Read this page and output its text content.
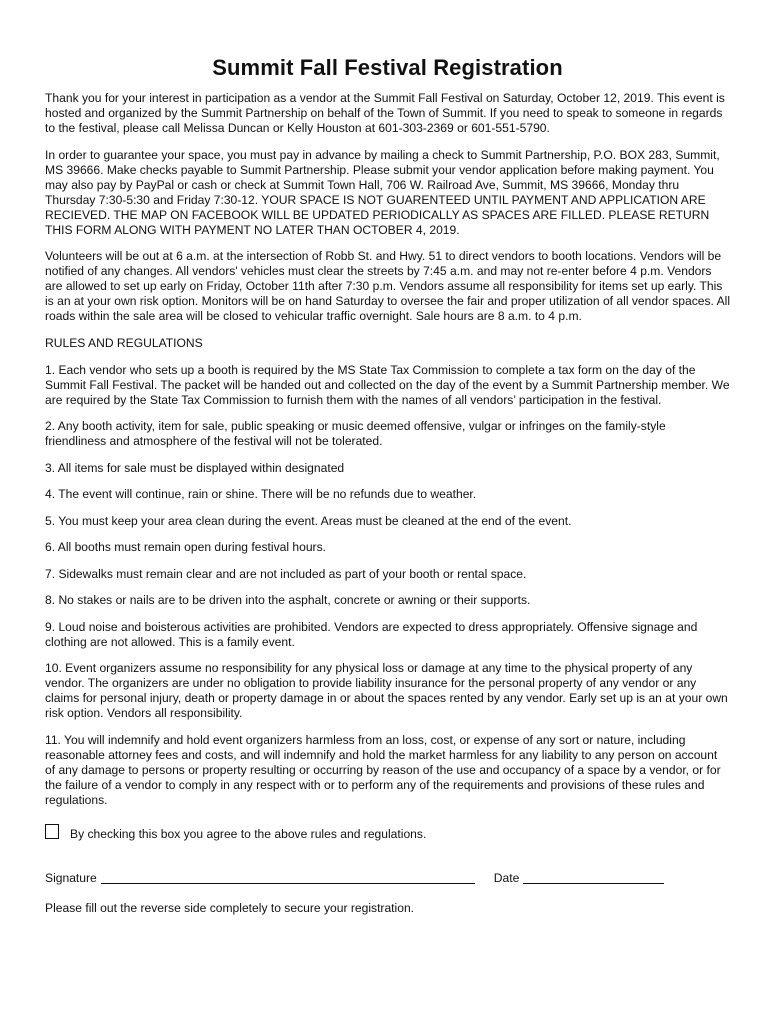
Summit Fall Festival Registration

Thank you for your interest in participation as a vendor at the Summit Fall Festival on Saturday, October 12, 2019. This event is hosted and organized by the Summit Partnership on behalf of the Town of Summit. If you need to speak to someone in regards to the festival, please call Melissa Duncan or Kelly Houston at 601-303-2369 or 601-551-5790.

In order to guarantee your space, you must pay in advance by mailing a check to Summit Partnership, P.O. BOX 283, Summit, MS 39666. Make checks payable to Summit Partnership. Please submit your vendor application before making payment. You may also pay by PayPal or cash or check at Summit Town Hall, 706 W. Railroad Ave, Summit, MS 39666, Monday thru Thursday 7:30-5:30 and Friday 7:30-12. YOUR SPACE IS NOT GUARENTEED UNTIL PAYMENT AND APPLICATION ARE RECIEVED. THE MAP ON FACEBOOK WILL BE UPDATED PERIODICALLY AS SPACES ARE FILLED. PLEASE RETURN THIS FORM ALONG WITH PAYMENT NO LATER THAN OCTOBER 4, 2019.

Volunteers will be out at 6 a.m. at the intersection of Robb St. and Hwy. 51 to direct vendors to booth locations. Vendors will be notified of any changes. All vendors' vehicles must clear the streets by 7:45 a.m. and may not re-enter before 4 p.m. Vendors are allowed to set up early on Friday, October 11th after 7:30 p.m. Vendors assume all responsibility for items set up early. This is an at your own risk option. Monitors will be on hand Saturday to oversee the fair and proper utilization of all vendor spaces. All roads within the sale area will be closed to vehicular traffic overnight. Sale hours are 8 a.m. to 4 p.m.

RULES AND REGULATIONS

1. Each vendor who sets up a booth is required by the MS State Tax Commission to complete a tax form on the day of the Summit Fall Festival. The packet will be handed out and collected on the day of the event by a Summit Partnership member. We are required by the State Tax Commission to furnish them with the names of all vendors’ participation in the festival.

2. Any booth activity, item for sale, public speaking or music deemed offensive, vulgar or infringes on the family-style friendliness and atmosphere of the festival will not be tolerated.

3. All items for sale must be displayed within designated

4. The event will continue, rain or shine. There will be no refunds due to weather.

5. You must keep your area clean during the event. Areas must be cleaned at the end of the event.

6. All booths must remain open during festival hours.

7. Sidewalks must remain clear and are not included as part of your booth or rental space.

8. No stakes or nails are to be driven into the asphalt, concrete or awning or their supports.

9. Loud noise and boisterous activities are prohibited. Vendors are expected to dress appropriately. Offensive signage and clothing are not allowed. This is a family event.

10. Event organizers assume no responsibility for any physical loss or damage at any time to the physical property of any vendor. The organizers are under no obligation to provide liability insurance for the personal property of any vendor or any claims for personal injury, death or property damage in or about the spaces rented by any vendor. Early set up is an at your own risk option. Vendors all responsibility.

11. You will indemnify and hold event organizers harmless from an loss, cost, or expense of any sort or nature, including reasonable attorney fees and costs, and will indemnify and hold the market harmless for any liability to any person on account of any damage to persons or property resulting or occurring by reason of the use and occupancy of a space by a vendor, or for the failure of a vendor to comply in any respect with or to perform any of the requirements and provisions of these rules and regulations.

By checking this box you agree to the above rules and regulations.

Signature	Date

Please fill out the reverse side completely to secure your registration.
